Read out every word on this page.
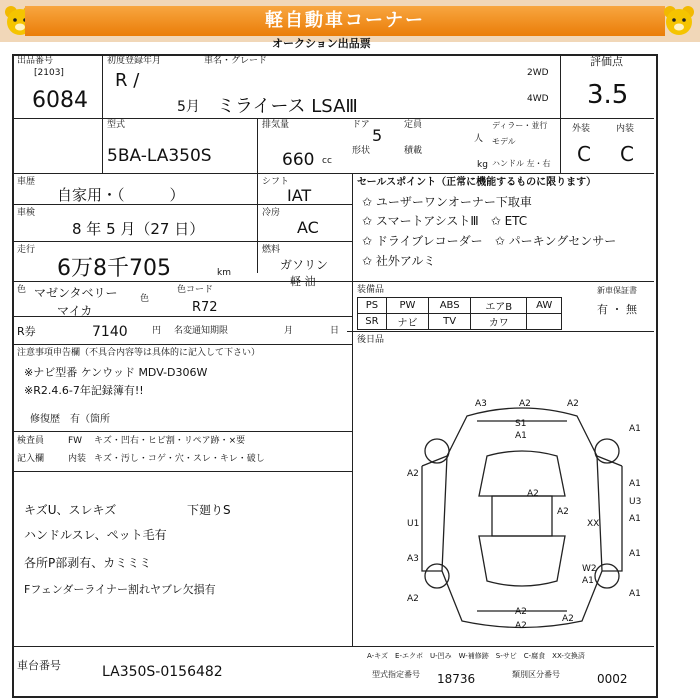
軽自動車コーナー
オークション出品票
出品番号
[2103]
6084
初度登録年月
R /
5月
車名・グレード
ミライース LSAⅢ
2WD
4WD
評価点
3.5
外装	内装
C C
型式
5BA-LA350S
排気量
660 cc
ドア
5
定員
人
形状	積載
kg
ディラー・並行
モデル
ハンドル 左・右
車歴
自家用・（　　　）
車検
8 年 5 月（27 日）
走行
6万8千705	km
色 マゼンタベリー
マイカ
色
色コード
R72
R券	7140	円 名変通知期限	月	日
シフト
IAT
冷房
AC
燃料
ガソリン
軽 油
セールスポイント（正常に機能するものに限ります）
✩ ユーザーワンオーナー下取車
✩ スマートアシストⅢ　✩ ETC
✩ ドライブレコーダー　✩ パーキングセンサー
✩ 社外アルミ
装備品
PS	PW	ABS	エアB	AW
SR	ナビ	TV	カワ	
新車保証書
有 ・ 無
後日品
注意事項申告欄（不具合内容等は具体的に記入して下さい）
※ナビ型番 ケンウッド MDV-D306W
※R2.4.6-7年記録簿有!!
修復歴　有（箇所
検査員	FW キズ・凹右・ヒビ割・リペア跡・×要
記入欄	内装 キズ・汚し・コゲ・穴・スレ・キレ・破し
キズU、スレキズ
ハンドルスレ、ペット毛有
各所P部剥有、カミミミ
Fフェンダーライナー割れヤブレ欠損有
下廻りS
A3	A2	A2
S1
A1
A1
A2
A1
U3
A2
A2
A1
U1	XX
A1
A3
W2
A1
A2
A2
A2
A1
A2
車台番号	LA350S-0156482
A-キズ　E-エクボ　U-凹み　W-補修跡　S-サビ　C-腐食　XX-交換済
型式指定番号 18736	類別区分番号	0002
